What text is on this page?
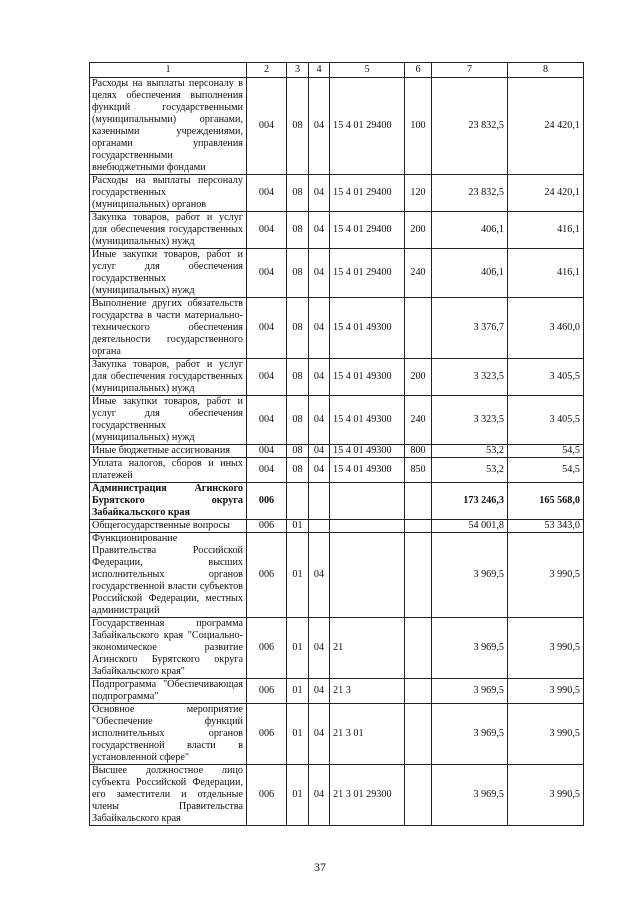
1	2	3	4	5	6	7	8
Расходы на выплаты персоналу в целях обеспечения выполнения функций государственными (муниципальными) органами, казенными учреждениями, органами управления государственными внебюджетными фондами	004	08	04	15 4 01 29400	100	23 832,5	24 420,1
Расходы на выплаты персоналу государственных (муниципальных) органов	004	08	04	15 4 01 29400	120	23 832,5	24 420,1
Закупка товаров, работ и услуг для обеспечения государственных (муниципальных) нужд	004	08	04	15 4 01 29400	200	406,1	416,1
Иные закупки товаров, работ и услуг для обеспечения государственных (муниципальных) нужд	004	08	04	15 4 01 29400	240	406,1	416,1
Выполнение других обязательств государства в части материально-технического обеспечения деятельности государственного органа	004	08	04	15 4 01 49300		3 376,7	3 460,0
Закупка товаров, работ и услуг для обеспечения государственных (муниципальных) нужд	004	08	04	15 4 01 49300	200	3 323,5	3 405,5
Иные закупки товаров, работ и услуг для обеспечения государственных (муниципальных) нужд	004	08	04	15 4 01 49300	240	3 323,5	3 405,5
Иные бюджетные ассигнования	004	08	04	15 4 01 49300	800	53,2	54,5
Уплата налогов, сборов и иных платежей	004	08	04	15 4 01 49300	850	53,2	54,5
Администрация Агинского Бурятского округа Забайкальского края	006					173 246,3	165 568,0
Общегосударственные вопросы	006	01				54 001,8	53 343,0
Функционирование Правительства Российской Федерации, высших исполнительных органов государственной власти субъектов Российской Федерации, местных администраций	006	01	04			3 969,5	3 990,5
Государственная программа Забайкальского края "Социально-экономическое развитие Агинского Бурятского округа Забайкальского края"	006	01	04	21		3 969,5	3 990,5
Подпрограмма "Обеспечивающая подпрограмма"	006	01	04	21 3		3 969,5	3 990,5
Основное мероприятие "Обеспечение функций исполнительных органов государственной власти в установленной сфере"	006	01	04	21 3 01		3 969,5	3 990,5
Высшее должностное лицо субъекта Российской Федерации, его заместители и отдельные члены Правительства Забайкальского края	006	01	04	21 3 01 29300		3 969,5	3 990,5
37
